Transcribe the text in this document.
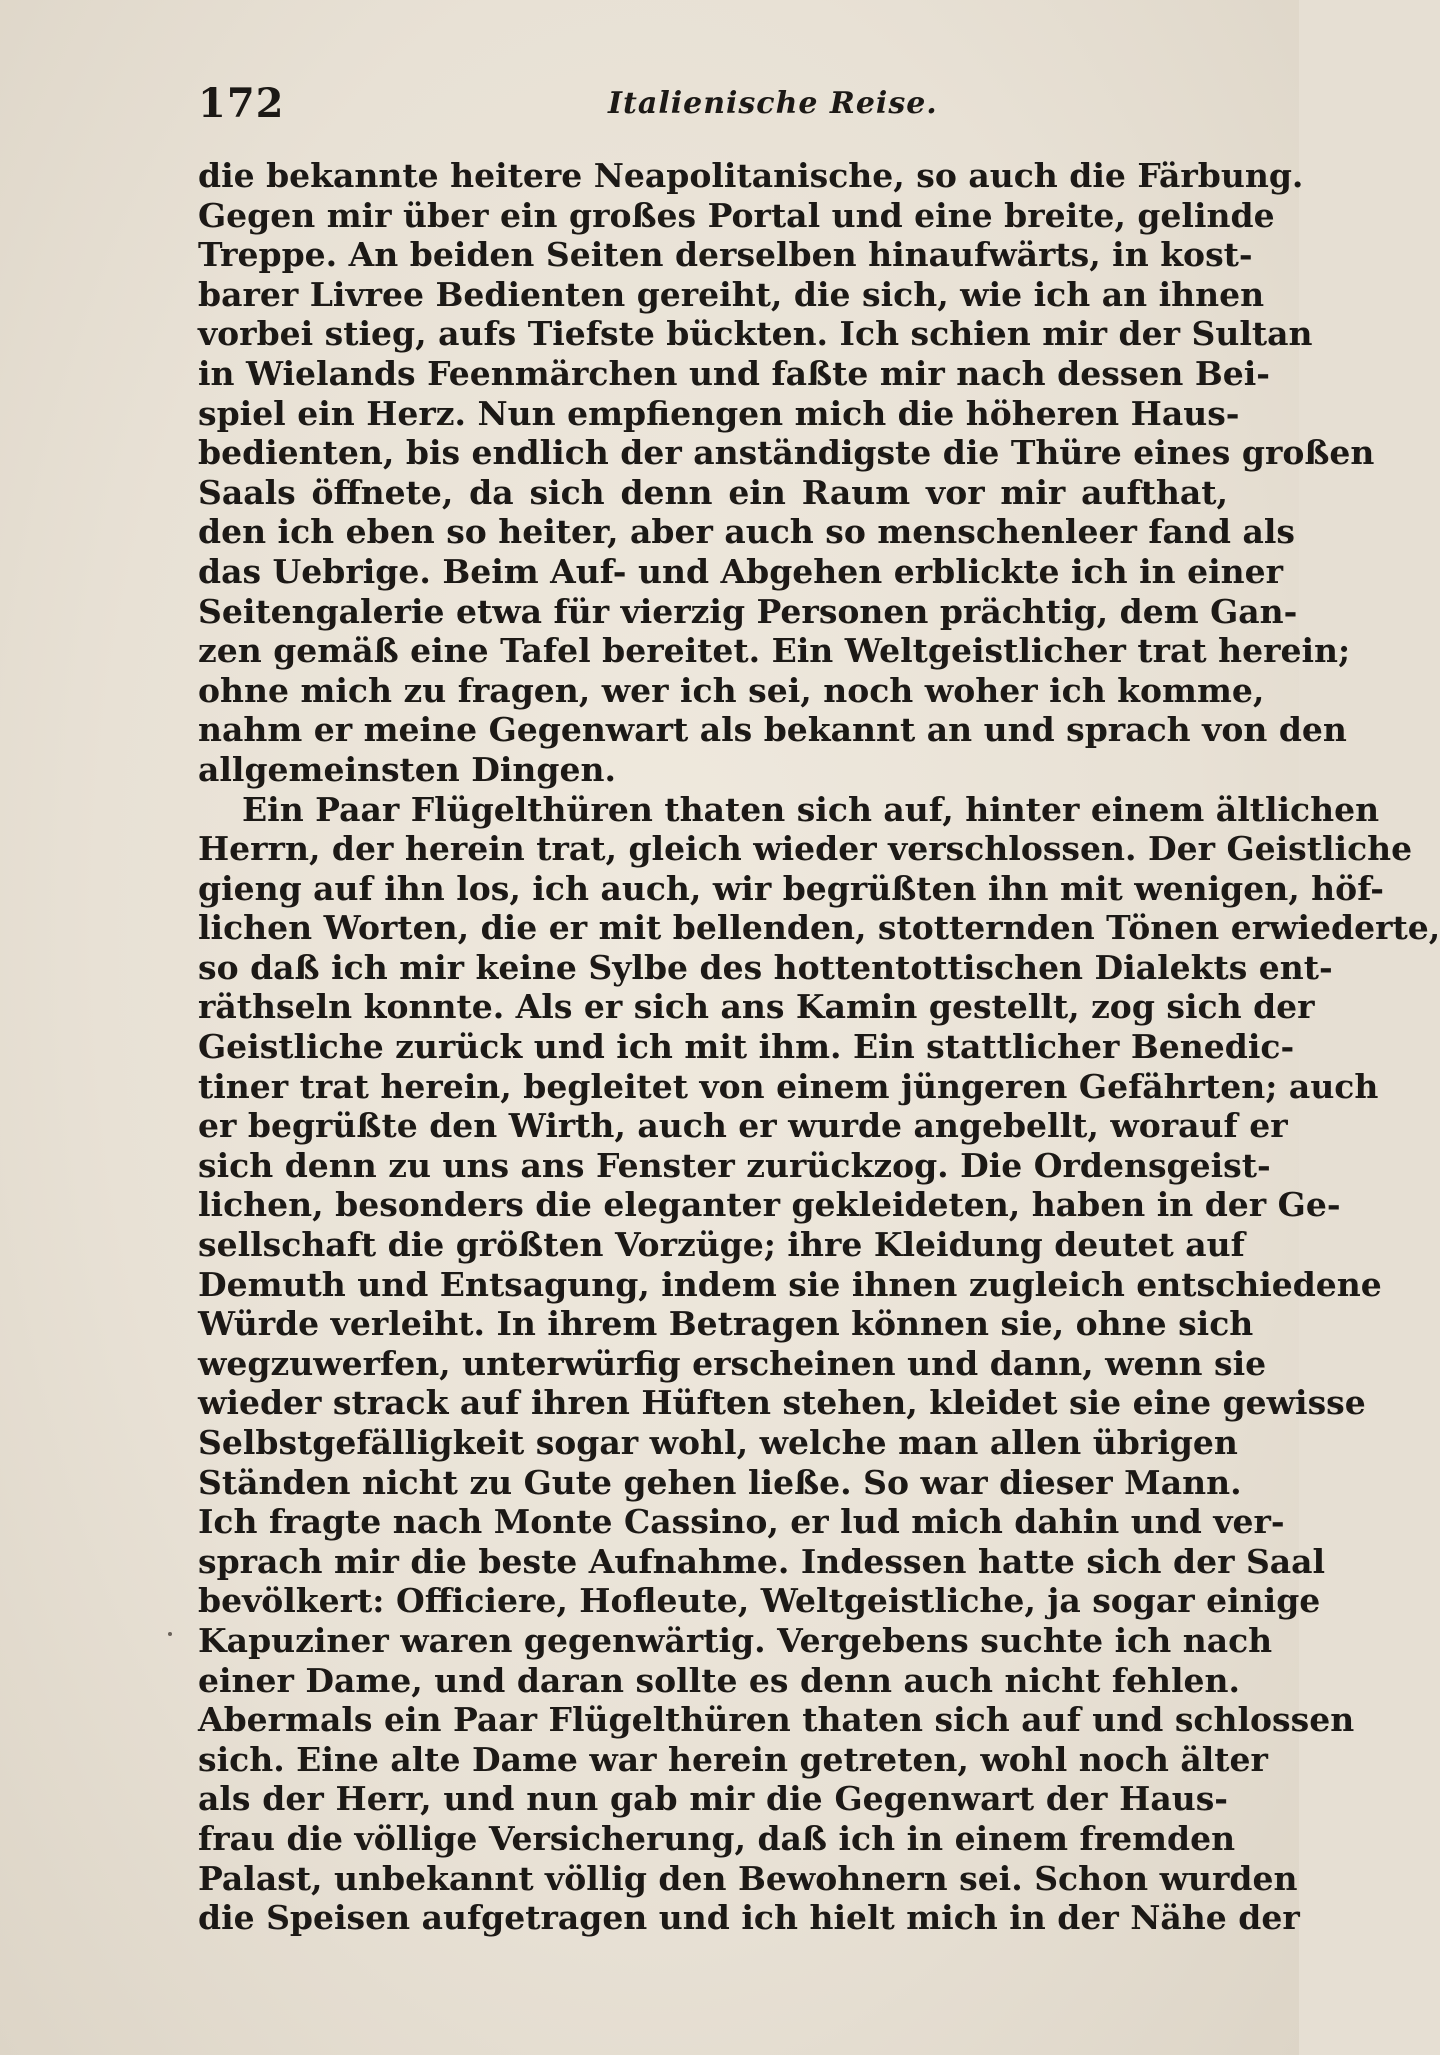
172	Italienische Reise.
die bekannte heitere Neapolitanische, so auch die Färbung.
Gegen mir über ein großes Portal und eine breite, gelinde
Treppe. An beiden Seiten derselben hinaufwärts, in kost-
barer Livree Bedienten gereiht, die sich, wie ich an ihnen
vorbei stieg, aufs Tiefste bückten. Ich schien mir der Sultan
in Wielands Feenmärchen und faßte mir nach dessen Bei-
spiel ein Herz. Nun empfiengen mich die höheren Haus-
bedienten, bis endlich der anständigste die Thüre eines großen
Saals öffnete, da sich denn ein Raum vor mir aufthat,
den ich eben so heiter, aber auch so menschenleer fand als
das Uebrige. Beim Auf- und Abgehen erblickte ich in einer
Seitengalerie etwa für vierzig Personen prächtig, dem Gan-
zen gemäß eine Tafel bereitet. Ein Weltgeistlicher trat herein;
ohne mich zu fragen, wer ich sei, noch woher ich komme,
nahm er meine Gegenwart als bekannt an und sprach von den
allgemeinsten Dingen.
Ein Paar Flügelthüren thaten sich auf, hinter einem ältlichen
Herrn, der herein trat, gleich wieder verschlossen. Der Geistliche
gieng auf ihn los, ich auch, wir begrüßten ihn mit wenigen, höf-
lichen Worten, die er mit bellenden, stotternden Tönen erwiederte,
so daß ich mir keine Sylbe des hottentottischen Dialekts ent-
räthseln konnte. Als er sich ans Kamin gestellt, zog sich der
Geistliche zurück und ich mit ihm. Ein stattlicher Benedic-
tiner trat herein, begleitet von einem jüngeren Gefährten; auch
er begrüßte den Wirth, auch er wurde angebellt, worauf er
sich denn zu uns ans Fenster zurückzog. Die Ordensgeist-
lichen, besonders die eleganter gekleideten, haben in der Ge-
sellschaft die größten Vorzüge; ihre Kleidung deutet auf
Demuth und Entsagung, indem sie ihnen zugleich entschiedene
Würde verleiht. In ihrem Betragen können sie, ohne sich
wegzuwerfen, unterwürfig erscheinen und dann, wenn sie
wieder strack auf ihren Hüften stehen, kleidet sie eine gewisse
Selbstgefälligkeit sogar wohl, welche man allen übrigen
Ständen nicht zu Gute gehen ließe. So war dieser Mann.
Ich fragte nach Monte Cassino, er lud mich dahin und ver-
sprach mir die beste Aufnahme. Indessen hatte sich der Saal
bevölkert: Officiere, Hofleute, Weltgeistliche, ja sogar einige
Kapuziner waren gegenwärtig. Vergebens suchte ich nach
einer Dame, und daran sollte es denn auch nicht fehlen.
Abermals ein Paar Flügelthüren thaten sich auf und schlossen
sich. Eine alte Dame war herein getreten, wohl noch älter
als der Herr, und nun gab mir die Gegenwart der Haus-
frau die völlige Versicherung, daß ich in einem fremden
Palast, unbekannt völlig den Bewohnern sei. Schon wurden
die Speisen aufgetragen und ich hielt mich in der Nähe der
